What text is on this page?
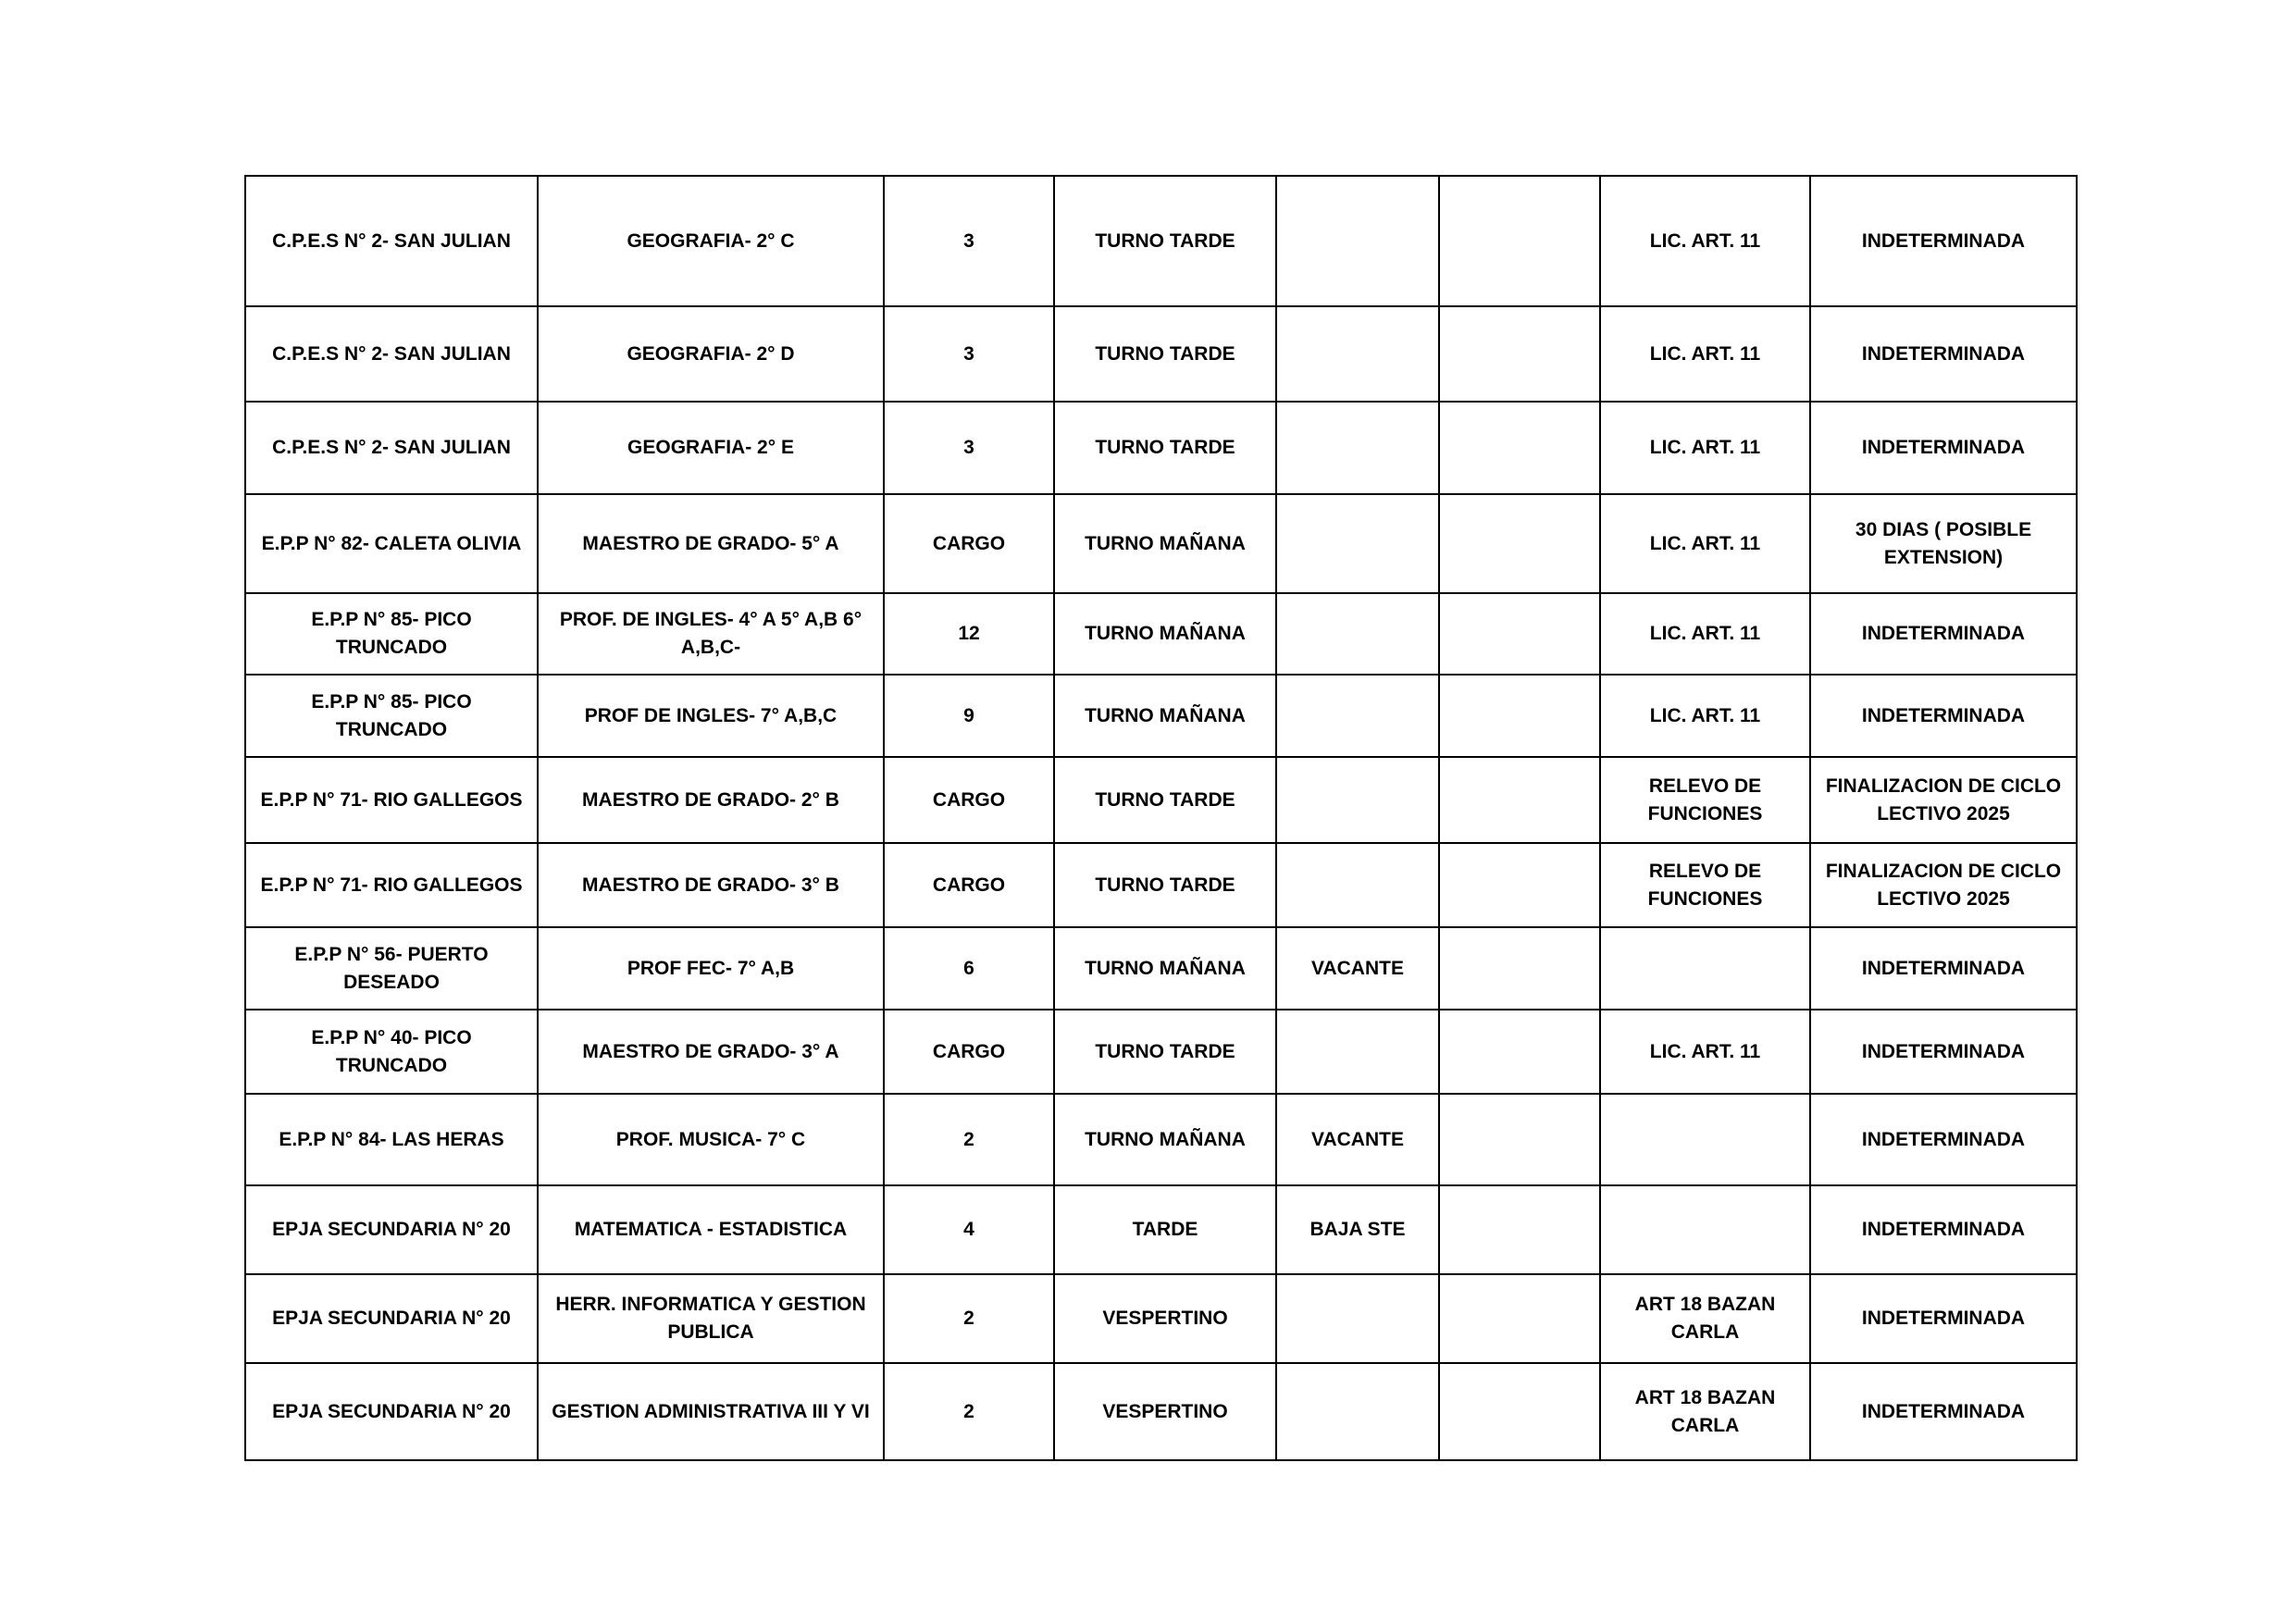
C.P.E.S N° 2- SAN JULIAN	GEOGRAFIA- 2° C	3	TURNO TARDE			LIC. ART. 11	INDETERMINADA
C.P.E.S N° 2- SAN JULIAN	GEOGRAFIA- 2° D	3	TURNO TARDE			LIC. ART. 11	INDETERMINADA
C.P.E.S N° 2- SAN JULIAN	GEOGRAFIA- 2° E	3	TURNO TARDE			LIC. ART. 11	INDETERMINADA
E.P.P N° 82- CALETA OLIVIA	MAESTRO DE GRADO- 5° A	CARGO	TURNO MAÑANA			LIC. ART. 11	30 DIAS ( POSIBLE EXTENSION)
E.P.P N° 85- PICO TRUNCADO	PROF. DE INGLES- 4° A 5° A,B 6° A,B,C-	12	TURNO MAÑANA			LIC. ART. 11	INDETERMINADA
E.P.P N° 85- PICO TRUNCADO	PROF DE INGLES- 7° A,B,C	9	TURNO MAÑANA			LIC. ART. 11	INDETERMINADA
E.P.P N° 71- RIO GALLEGOS	MAESTRO DE GRADO- 2° B	CARGO	TURNO TARDE			RELEVO DE FUNCIONES	FINALIZACION DE CICLO LECTIVO 2025
E.P.P N° 71- RIO GALLEGOS	MAESTRO DE GRADO- 3° B	CARGO	TURNO TARDE			RELEVO DE FUNCIONES	FINALIZACION DE CICLO LECTIVO 2025
E.P.P N° 56- PUERTO DESEADO	PROF FEC- 7° A,B	6	TURNO MAÑANA	VACANTE			INDETERMINADA
E.P.P N° 40- PICO TRUNCADO	MAESTRO DE GRADO- 3° A	CARGO	TURNO TARDE			LIC. ART. 11	INDETERMINADA
E.P.P N° 84- LAS HERAS	PROF. MUSICA- 7° C	2	TURNO MAÑANA	VACANTE			INDETERMINADA
EPJA SECUNDARIA N° 20	MATEMATICA - ESTADISTICA	4	TARDE	BAJA STE			INDETERMINADA
EPJA SECUNDARIA N° 20	HERR. INFORMATICA Y GESTION PUBLICA	2	VESPERTINO			ART 18 BAZAN CARLA	INDETERMINADA
EPJA SECUNDARIA N° 20	GESTION ADMINISTRATIVA III Y VI	2	VESPERTINO			ART 18 BAZAN CARLA	INDETERMINADA
